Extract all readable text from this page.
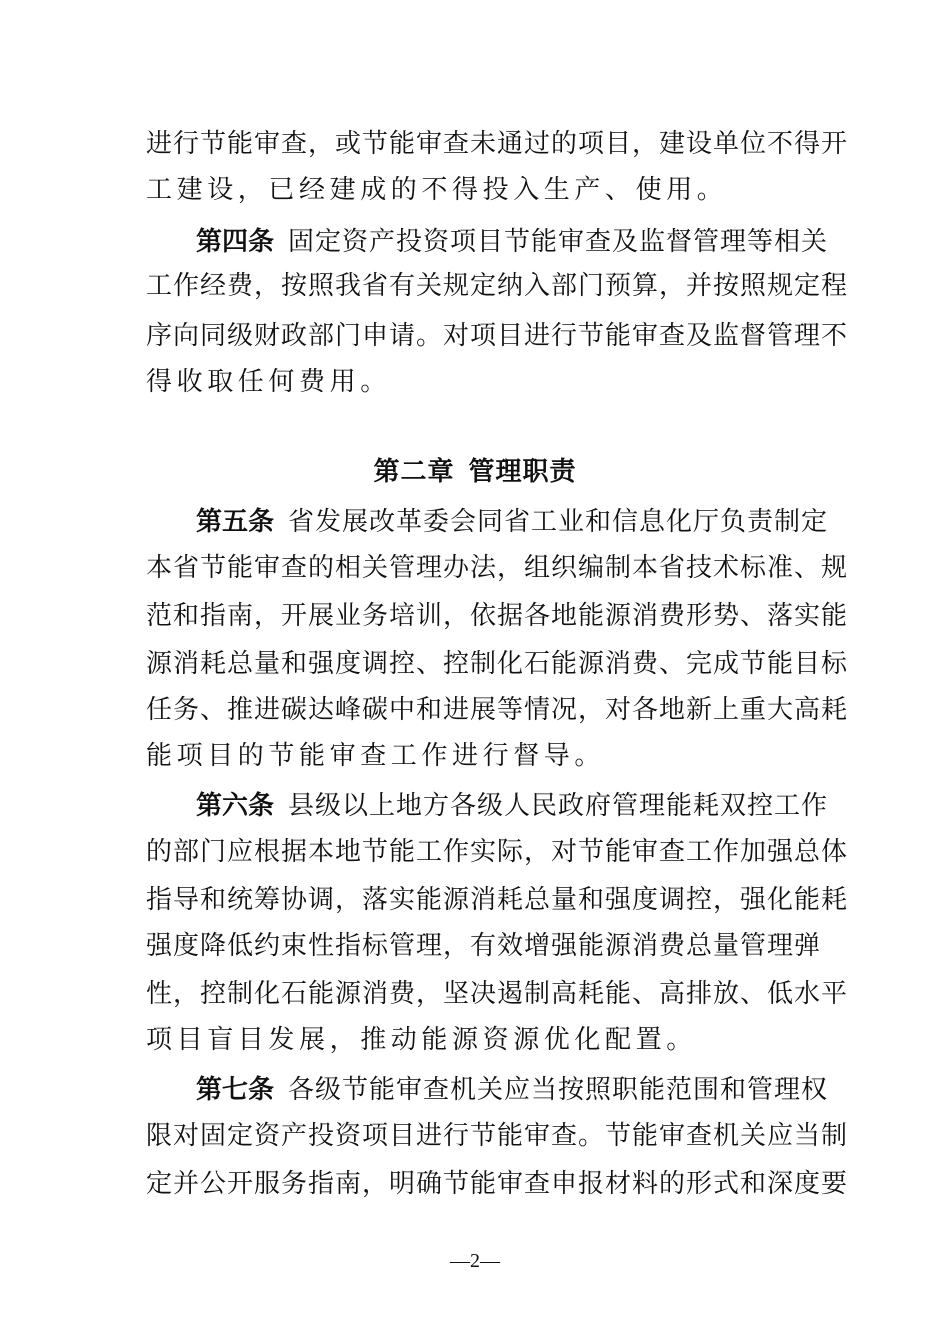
进行节能审查，或节能审查未通过的项目，建设单位不得开
工建设，已经建成的不得投入生产、使用。
第四条 固定资产投资项目节能审查及监督管理等相关
工作经费，按照我省有关规定纳入部门预算，并按照规定程
序向同级财政部门申请。对项目进行节能审查及监督管理不
得收取任何费用。
第二章 管理职责
第五条 省发展改革委会同省工业和信息化厅负责制定
本省节能审查的相关管理办法，组织编制本省技术标准、规
范和指南，开展业务培训，依据各地能源消费形势、落实能
源消耗总量和强度调控、控制化石能源消费、完成节能目标
任务、推进碳达峰碳中和进展等情况，对各地新上重大高耗
能项目的节能审查工作进行督导。
第六条 县级以上地方各级人民政府管理能耗双控工作
的部门应根据本地节能工作实际，对节能审查工作加强总体
指导和统筹协调，落实能源消耗总量和强度调控，强化能耗
强度降低约束性指标管理，有效增强能源消费总量管理弹
性，控制化石能源消费，坚决遏制高耗能、高排放、低水平
项目盲目发展，推动能源资源优化配置。
第七条 各级节能审查机关应当按照职能范围和管理权
限对固定资产投资项目进行节能审查。节能审查机关应当制
定并公开服务指南，明确节能审查申报材料的形式和深度要
—2—
